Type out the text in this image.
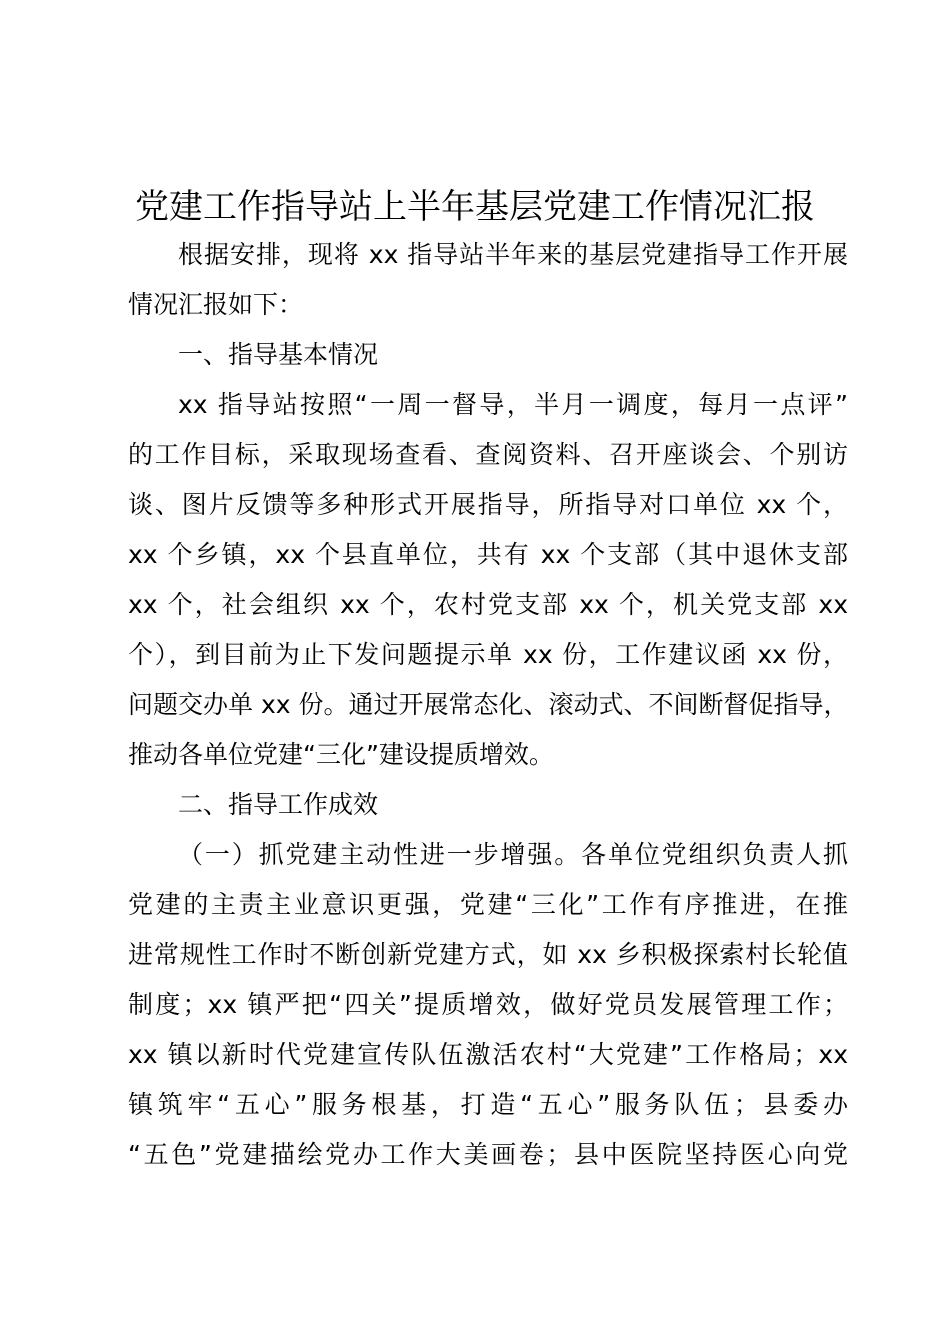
党建工作指导站上半年基层党建工作情况汇报
根据安排，现将 xx 指导站半年来的基层党建指导工作开展
情况汇报如下：
一、指导基本情况
xx 指导站按照“一周一督导，半月一调度，每月一点评”
的工作目标，采取现场查看、查阅资料、召开座谈会、个别访
谈、图片反馈等多种形式开展指导，所指导对口单位 xx 个，
xx 个乡镇，xx 个县直单位，共有 xx 个支部（其中退休支部
xx 个，社会组织 xx 个，农村党支部 xx 个，机关党支部 xx
个），到目前为止下发问题提示单 xx 份，工作建议函 xx 份，
问题交办单 xx 份。通过开展常态化、滚动式、不间断督促指导，
推动各单位党建“三化”建设提质增效。
二、指导工作成效
（一）抓党建主动性进一步增强。各单位党组织负责人抓
党建的主责主业意识更强，党建“三化”工作有序推进，在推
进常规性工作时不断创新党建方式，如 xx 乡积极探索村长轮值
制度；xx 镇严把“四关”提质增效，做好党员发展管理工作；
xx 镇以新时代党建宣传队伍激活农村“大党建”工作格局；xx
镇筑牢“五心”服务根基，打造“五心”服务队伍；县委办
“五色”党建描绘党办工作大美画卷；县中医院坚持医心向党
